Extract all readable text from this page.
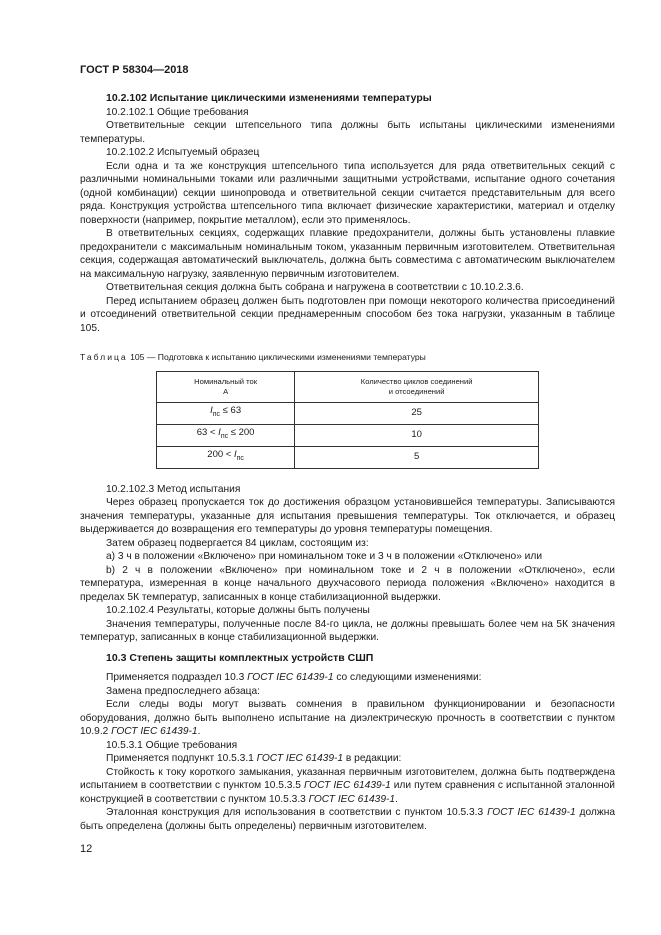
ГОСТ Р 58304—2018
10.2.102 Испытание циклическими изменениями температуры

10.2.102.1 Общие требования

Ответвительные секции штепсельного типа должны быть испытаны циклическими изменениями температуры.

10.2.102.2 Испытуемый образец

Если одна и та же конструкция штепсельного типа используется для ряда ответвительных секций с различными номинальными токами или различными защитными устройствами, испытание одного сочетания (одной комбинации) секции шинопровода и ответвительной секции считается представительным для всего ряда. Конструкция устройства штепсельного типа включает физические характеристики, материал и отделку поверхности (например, покрытие металлом), если это применялось.

В ответвительных секциях, содержащих плавкие предохранители, должны быть установлены плавкие предохранители с максимальным номинальным током, указанным первичным изготовителем. Ответвительная секция, содержащая автоматический выключатель, должна быть совместима с автоматическим выключателем на максимальную нагрузку, заявленную первичным изготовителем.

Ответвительная секция должна быть собрана и нагружена в соответствии с 10.10.2.3.6.

Перед испытанием образец должен быть подготовлен при помощи некоторого количества присоединений и отсоединений ответвительной секции преднамеренным способом без тока нагрузки, указанным в таблице 105.

Таблица 105 — Подготовка к испытанию циклическими изменениями температуры
Номинальный ток
А	Количество циклов соединений
и отсоединений
$I_{пс} \le 63$	25
$63 < I_{пс} \le 200$	10
$200 < I_{пс}$	5

10.2.102.3 Метод испытания

Через образец пропускается ток до достижения образцом установившейся температуры. Записываются значения температуры, указанные для испытания превышения температуры. Ток отключается, и образец выдерживается до возвращения его температуры до уровня температуры помещения.

Затем образец подвергается 84 циклам, состоящим из:

a) 3 ч в положении «Включено» при номинальном токе и 3 ч в положении «Отключено» или

b) 2 ч в положении «Включено» при номинальном токе и 2 ч в положении «Отключено», если температура, измеренная в конце начального двухчасового периода положения «Включено» находится в пределах 5К температур, записанных в конце стабилизационной выдержки.

10.2.102.4 Результаты, которые должны быть получены

Значения температуры, полученные после 84-го цикла, не должны превышать более чем на 5К значения температур, записанных в конце стабилизационной выдержки.

10.3 Степень защиты комплектных устройств СШП

Применяется подраздел 10.3 ГОСТ IEC 61439-1 со следующими изменениями:

Замена предпоследнего абзаца:

Если следы воды могут вызвать сомнения в правильном функционировании и безопасности оборудования, должно быть выполнено испытание на диэлектрическую прочность в соответствии с пунктом 10.9.2 ГОСТ IEC 61439-1.

10.5.3.1 Общие требования

Применяется подпункт 10.5.3.1 ГОСТ IEC 61439-1 в редакции:

Стойкость к току короткого замыкания, указанная первичным изготовителем, должна быть подтверждена испытанием в соответствии с пунктом 10.5.3.5 ГОСТ IEC 61439-1 или путем сравнения с испытанной эталонной конструкцией в соответствии с пунктом 10.5.3.3 ГОСТ IEC 61439-1.

Эталонная конструкция для использования в соответствии с пунктом 10.5.3.3 ГОСТ IEC 61439-1 должна быть определена (должны быть определены) первичным изготовителем.

12
